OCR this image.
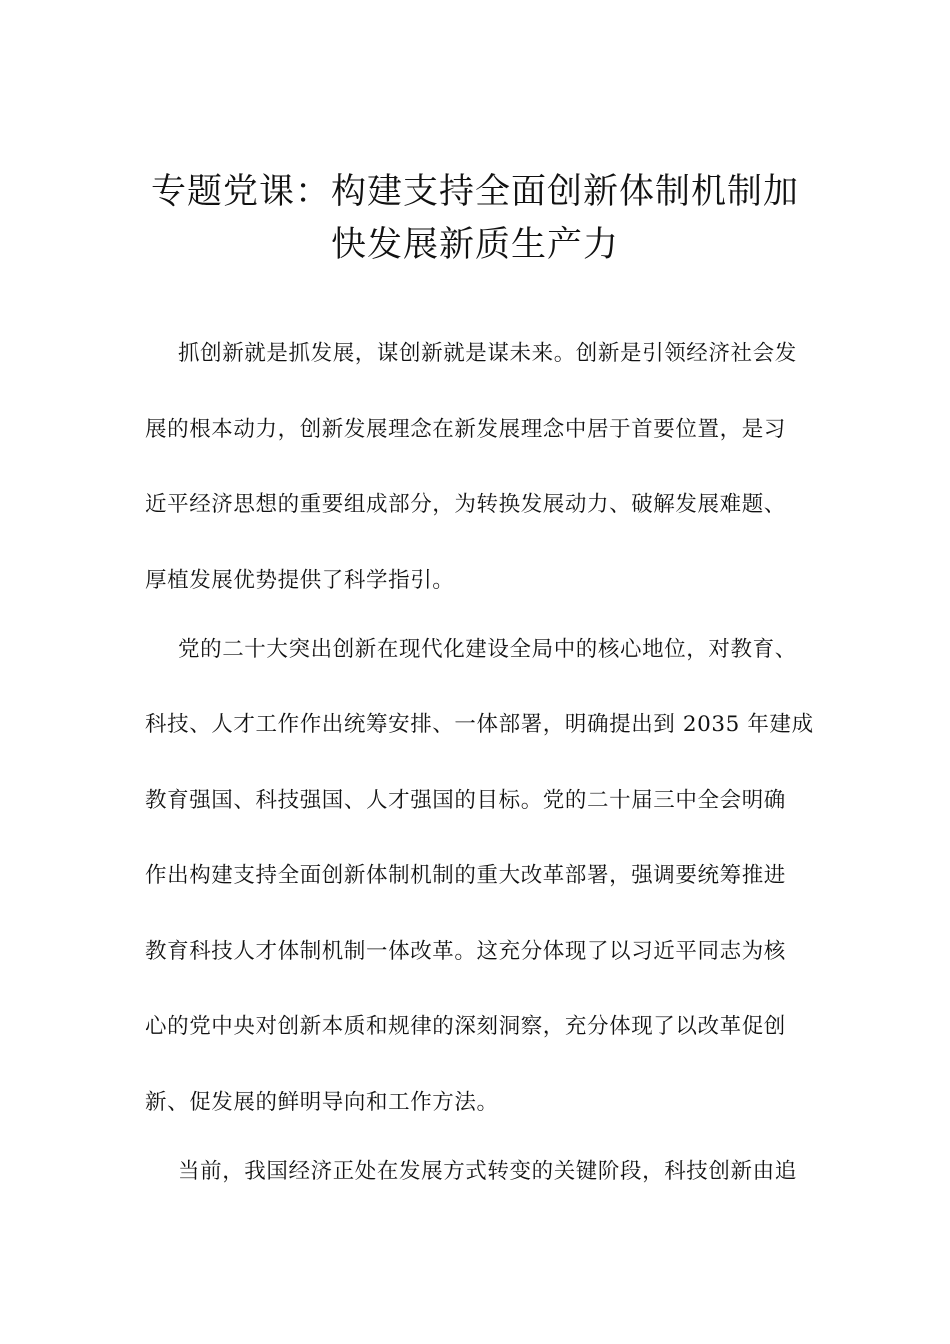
专题党课：构建支持全面创新体制机制加
快发展新质生产力
抓创新就是抓发展，谋创新就是谋未来。创新是引领经济社会发
展的根本动力，创新发展理念在新发展理念中居于首要位置，是习
近平经济思想的重要组成部分，为转换发展动力、破解发展难题、
厚植发展优势提供了科学指引。
党的二十大突出创新在现代化建设全局中的核心地位，对教育、
科技、人才工作作出统筹安排、一体部署，明确提出到 2035 年建成
教育强国、科技强国、人才强国的目标。党的二十届三中全会明确
作出构建支持全面创新体制机制的重大改革部署，强调要统筹推进
教育科技人才体制机制一体改革。这充分体现了以习近平同志为核
心的党中央对创新本质和规律的深刻洞察，充分体现了以改革促创
新、促发展的鲜明导向和工作方法。
当前，我国经济正处在发展方式转变的关键阶段，科技创新由追
